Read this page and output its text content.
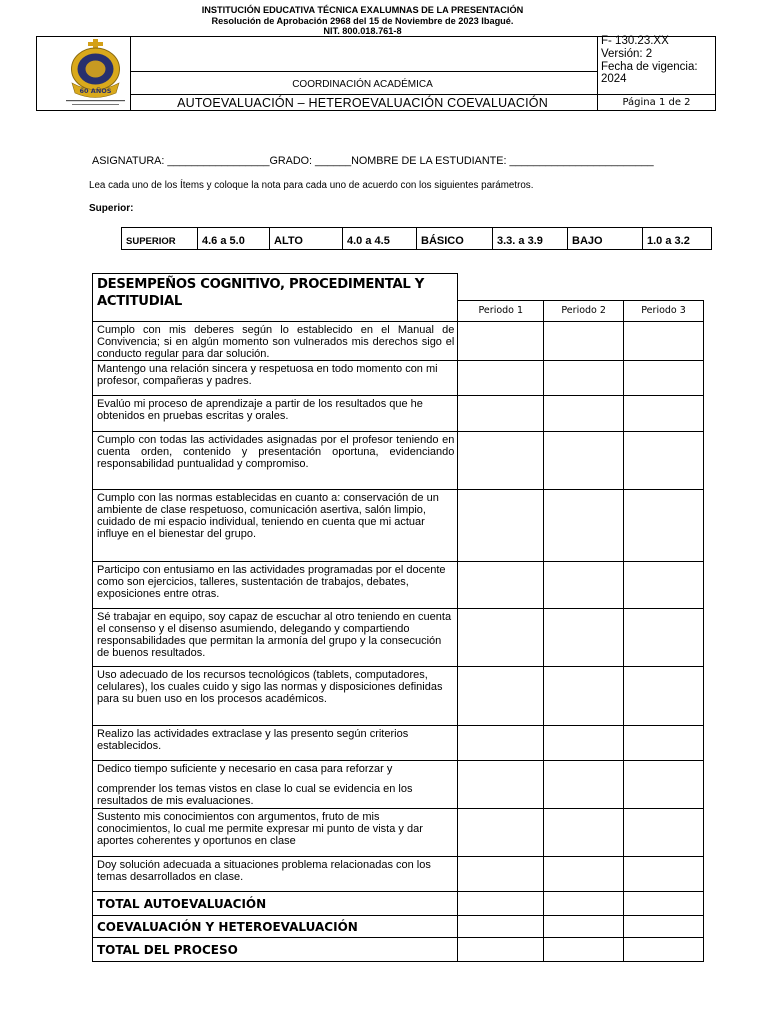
60 AÑOS
INSTITUCIÓN EDUCATIVA TÉCNICA EXALUMNAS DE LA PRESENTACIÓN
Resolución de Aprobación 2968 del 15 de Noviembre de 2023 Ibagué.
NIT. 800.018.761-8
COORDINACIÓN ACADÉMICA
AUTOEVALUACIÓN – HETEROEVALUACIÓN COEVALUACIÓN
F- 130.23.XX
Versión: 2
Fecha de vigencia:
2024
Página 1 de 2
ASIGNATURA: _________________GRADO: ______NOMBRE DE LA ESTUDIANTE: ________________________
Lea cada uno de los Ítems y coloque la nota para cada uno de acuerdo con los siguientes parámetros.
Superior:
SUPERIOR	4.6 a 5.0	ALTO	4.0 a 4.5	BÁSICO	3.3. a 3.9	BAJO	1.0 a 3.2
DESEMPEÑOS COGNITIVO, PROCEDIMENTAL Y ACTITUDIAL			
	Periodo 1	Periodo 2	Periodo 3
Cumplo con mis deberes según lo establecido en el Manual de Convivencia; si en algún momento son vulnerados mis derechos sigo el conducto regular para dar solución.			
Mantengo una relación sincera y respetuosa en todo momento con mi profesor, compañeras y padres.			
Evalúo mi proceso de aprendizaje a partir de los resultados que he obtenidos en pruebas escritas y orales.			
Cumplo con todas las actividades asignadas por el profesor teniendo en cuenta orden, contenido y presentación oportuna, evidenciando responsabilidad puntualidad y compromiso.			
Cumplo con las normas establecidas en cuanto a: conservación de un ambiente de clase respetuoso, comunicación asertiva, salón limpio, cuidado de mi espacio individual, teniendo en cuenta que mi actuar influye en el bienestar del grupo.			
Participo con entusiamo en las actividades programadas por el docente como son ejercicios, talleres, sustentación de trabajos, debates, exposiciones entre otras.			
Sé trabajar en equipo, soy capaz de escuchar al otro teniendo en cuenta el consenso y el disenso asumiendo, delegando y compartiendo responsabilidades que permitan la armonía del grupo y la consecución de buenos resultados.			
Uso adecuado de los recursos tecnológicos (tablets, computadores, celulares), los cuales cuido y sigo las normas y disposiciones definidas para su buen uso en los procesos académicos.			
Realizo las actividades extraclase y las presento según criterios establecidos.			

Dedico tiempo suficiente y necesario en casa para reforzar y
comprender los temas vistos en clase lo cual se evidencia en los resultados de mis evaluaciones.			

Sustento mis conocimientos con argumentos, fruto de mis conocimientos, lo cual me permite expresar mi punto de vista y dar aportes coherentes y oportunos en clase			
Doy solución adecuada a situaciones problema relacionadas con los temas desarrollados en clase.			
TOTAL AUTOEVALUACIÓN			
COEVALUACIÓN Y HETEROEVALUACIÓN			
TOTAL DEL PROCESO			
